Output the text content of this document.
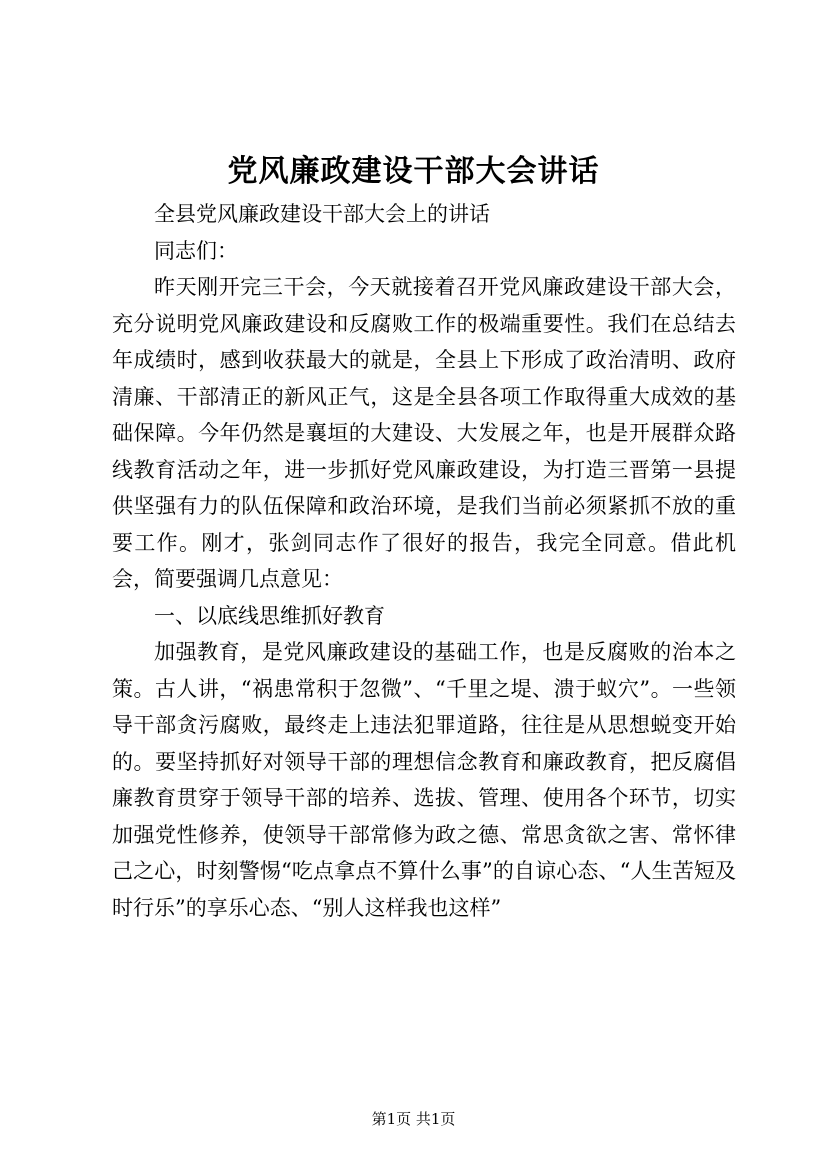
党风廉政建设干部大会讲话

全县党风廉政建设干部大会上的讲话

同志们：

昨天刚开完三干会，今天就接着召开党风廉政建设干部大会，充分说明党风廉政建设和反腐败工作的极端重要性。我们在总结去年成绩时，感到收获最大的就是，全县上下形成了政治清明、政府清廉、干部清正的新风正气，这是全县各项工作取得重大成效的基础保障。今年仍然是襄垣的大建设、大发展之年，也是开展群众路线教育活动之年，进一步抓好党风廉政建设，为打造三晋第一县提供坚强有力的队伍保障和政治环境，是我们当前必须紧抓不放的重要工作。刚才，张剑同志作了很好的报告，我完全同意。借此机会，简要强调几点意见：

一、以底线思维抓好教育

加强教育，是党风廉政建设的基础工作，也是反腐败的治本之策。古人讲，“祸患常积于忽微”、“千里之堤、溃于蚁穴”。一些领导干部贪污腐败，最终走上违法犯罪道路，往往是从思想蜕变开始的。要坚持抓好对领导干部的理想信念教育和廉政教育，把反腐倡廉教育贯穿于领导干部的培养、选拔、管理、使用各个环节，切实加强党性修养，使领导干部常修为政之德、常思贪欲之害、常怀律己之心，时刻警惕“吃点拿点不算什么事”的自谅心态、“人生苦短及时行乐”的享乐心态、“别人这样我也这样”

第1页 共1页
